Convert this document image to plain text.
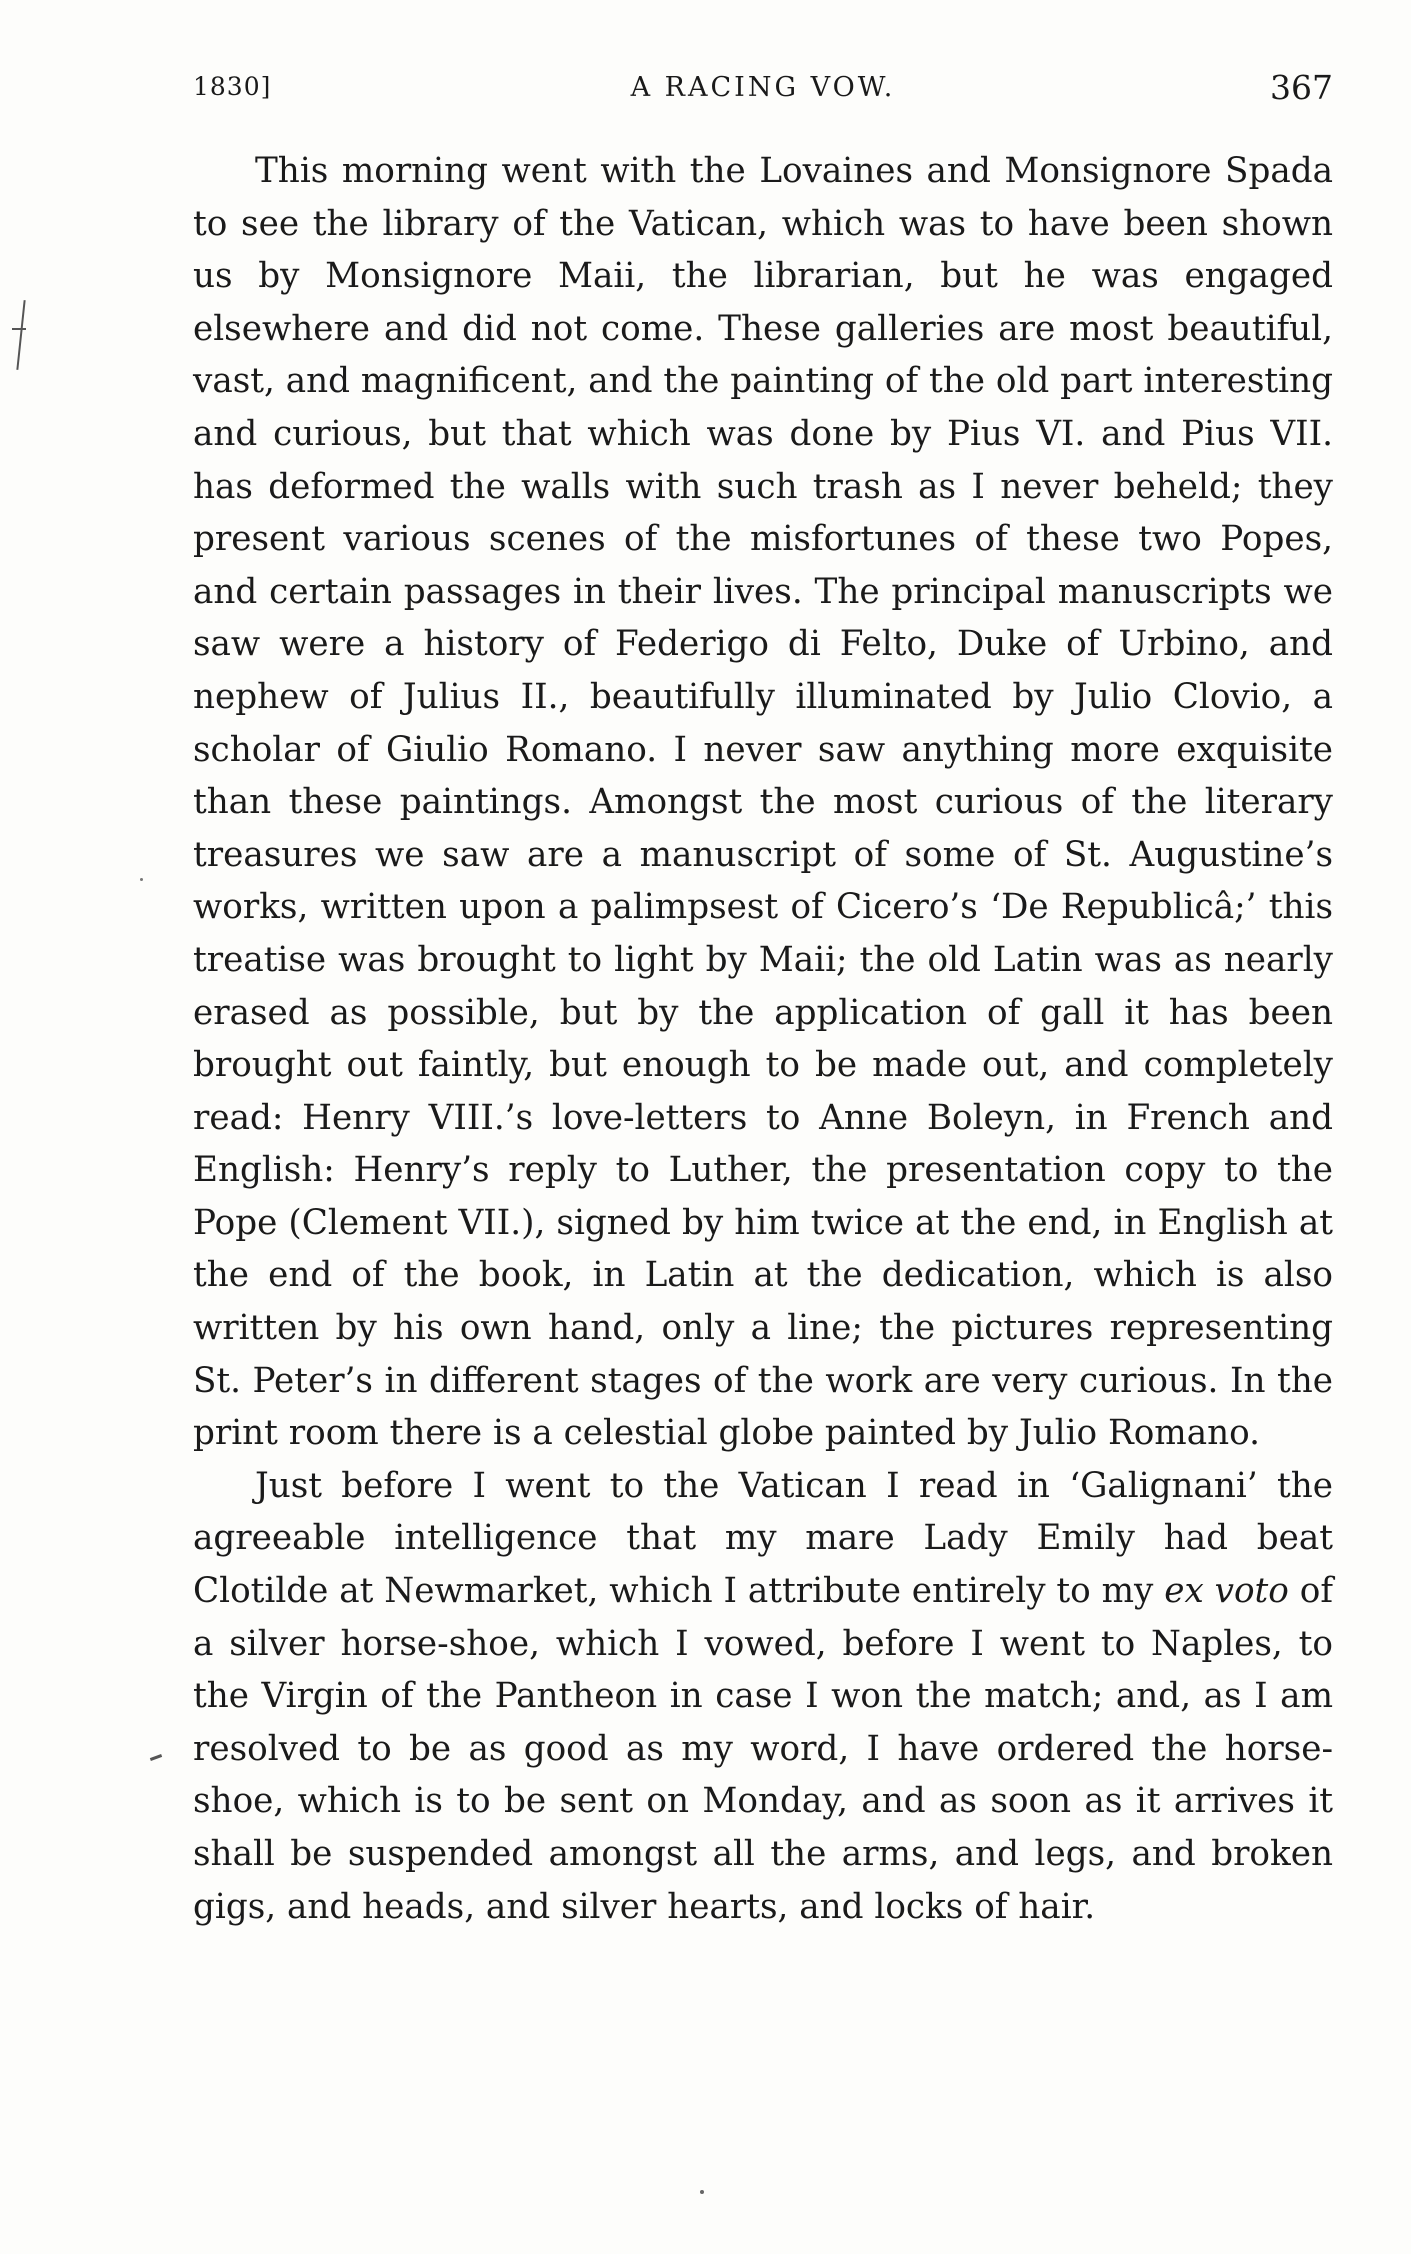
1830]	A RACING VOW.	367

This morning went with the Lovaines and Monsignore Spada to see the library of the Vatican, which was to have been shown us by Monsignore Maii, the librarian, but he was engaged elsewhere and did not come. These galleries are most beautiful, vast, and magnificent, and the painting of the old part interesting and curious, but that which was done by Pius VI. and Pius VII. has deformed the walls with such trash as I never beheld; they present various scenes of the misfortunes of these two Popes, and certain passages in their lives. The principal manuscripts we saw were a history of Federigo di Felto, Duke of Urbino, and nephew of Julius II., beautifully illuminated by Julio Clovio, a scholar of Giulio Romano. I never saw anything more exquisite than these paintings. Amongst the most curious of the literary treasures we saw are a manuscript of some of St. Augustine’s works, written upon a palimpsest of Cicero’s ‘De Republicâ;’ this treatise was brought to light by Maii; the old Latin was as nearly erased as possible, but by the application of gall it has been brought out faintly, but enough to be made out, and completely read: Henry VIII.’s love-letters to Anne Boleyn, in French and English: Henry’s reply to Luther, the presentation copy to the Pope (Clement VII.), signed by him twice at the end, in English at the end of the book, in Latin at the dedication, which is also written by his own hand, only a line; the pictures representing St. Peter’s in different stages of the work are very curious. In the print room there is a celestial globe painted by Julio Romano.

Just before I went to the Vatican I read in ‘Galignani’ the agreeable intelligence that my mare Lady Emily had beat Clotilde at Newmarket, which I attribute entirely to my ex voto of a silver horse-shoe, which I vowed, before I went to Naples, to the Virgin of the Pantheon in case I won the match; and, as I am resolved to be as good as my word, I have ordered the horse-shoe, which is to be sent on Monday, and as soon as it arrives it shall be suspended amongst all the arms, and legs, and broken gigs, and heads, and silver hearts, and locks of hair.
